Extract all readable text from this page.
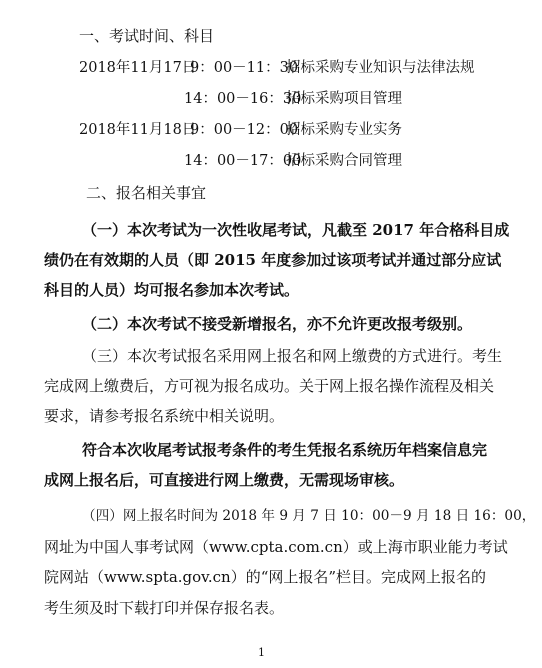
一、考试时间、科目
2018年11月17日
9：00－11：30
招标采购专业知识与法律法规
14：00－16：30
招标采购项目管理
2018年11月18日
9：00－12：00
招标采购专业实务
14：00－17：00
招标采购合同管理
二、报名相关事宜
（一）本次考试为一次性收尾考试，凡截至 2017 年合格科目成
绩仍在有效期的人员（即 2015 年度参加过该项考试并通过部分应试
科目的人员）均可报名参加本次考试。
（二）本次考试不接受新增报名，亦不允许更改报考级别。
（三）本次考试报名采用网上报名和网上缴费的方式进行。考生
完成网上缴费后，方可视为报名成功。关于网上报名操作流程及相关
要求，请参考报名系统中相关说明。
符合本次收尾考试报考条件的考生凭报名系统历年档案信息完
成网上报名后，可直接进行网上缴费，无需现场审核。
（四）网上报名时间为 2018 年 9 月 7 日 10：00－9 月 18 日 16：00，
网址为中国人事考试网（www.cpta.com.cn）或上海市职业能力考试
院网站（www.spta.gov.cn）的“网上报名”栏目。完成网上报名的
考生须及时下载打印并保存报名表。
1
